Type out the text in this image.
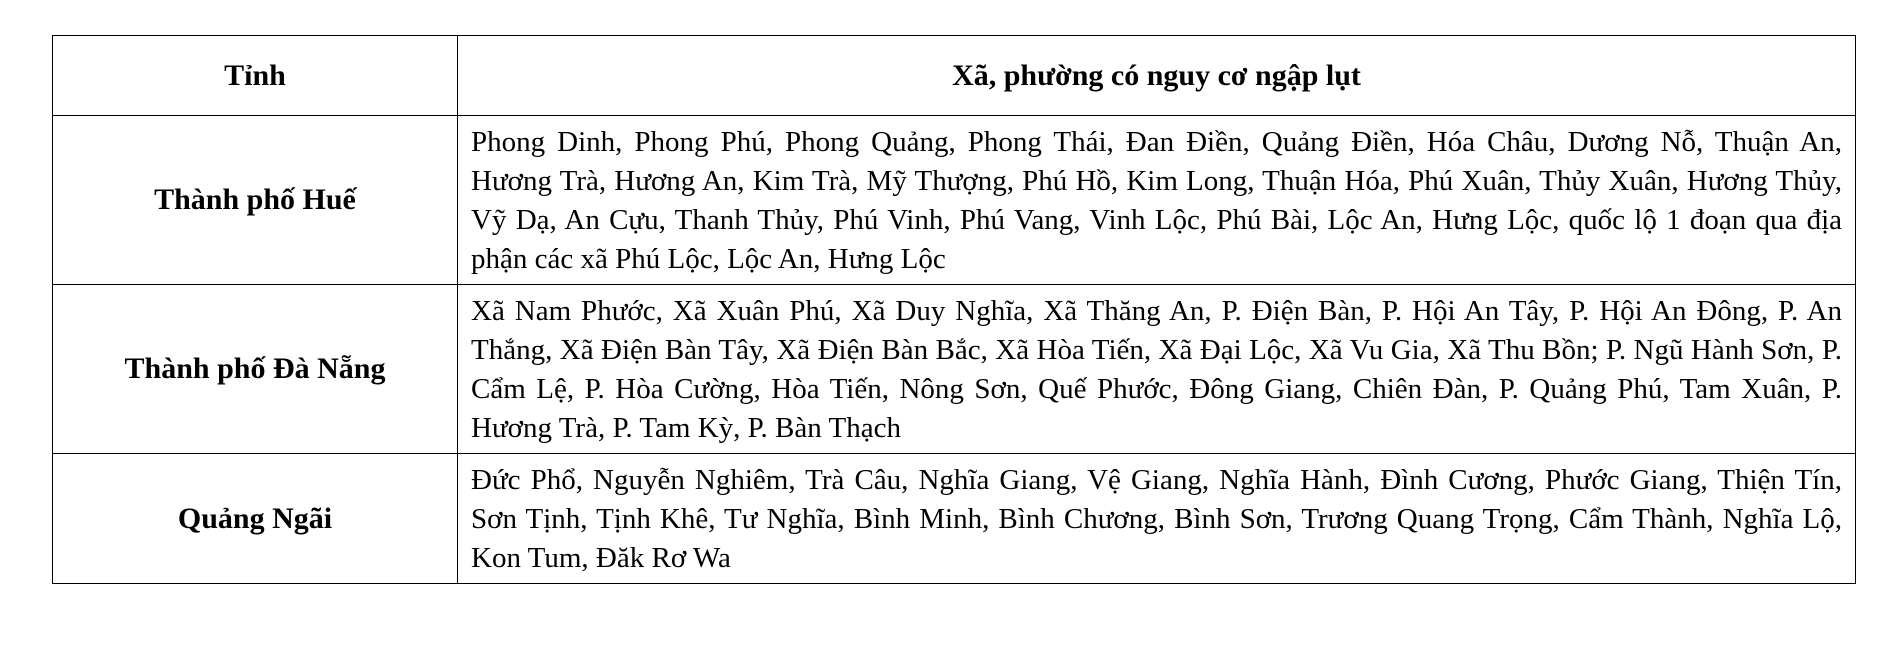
Tỉnh	Xã, phường có nguy cơ ngập lụt
Thành phố Huế	Phong Dinh, Phong Phú, Phong Quảng, Phong Thái, Đan Điền, Quảng Điền, Hóa Châu, Dương Nỗ, Thuận An, Hương Trà, Hương An, Kim Trà, Mỹ Thượng, Phú Hồ, Kim Long, Thuận Hóa, Phú Xuân, Thủy Xuân, Hương Thủy, Vỹ Dạ, An Cựu, Thanh Thủy, Phú Vinh, Phú Vang, Vinh Lộc, Phú Bài, Lộc An, Hưng Lộc, quốc lộ 1 đoạn qua địa phận các xã Phú Lộc, Lộc An, Hưng Lộc
Thành phố Đà Nẵng	Xã Nam Phước, Xã Xuân Phú, Xã Duy Nghĩa, Xã Thăng An, P. Điện Bàn, P. Hội An Tây, P. Hội An Đông, P. An Thắng, Xã Điện Bàn Tây, Xã Điện Bàn Bắc, Xã Hòa Tiến, Xã Đại Lộc, Xã Vu Gia, Xã Thu Bồn; P. Ngũ Hành Sơn, P. Cẩm Lệ, P. Hòa Cường, Hòa Tiến, Nông Sơn, Quế Phước, Đông Giang, Chiên Đàn, P. Quảng Phú, Tam Xuân, P. Hương Trà, P. Tam Kỳ, P. Bàn Thạch
Quảng Ngãi	Đức Phổ, Nguyễn Nghiêm, Trà Câu, Nghĩa Giang, Vệ Giang, Nghĩa Hành, Đình Cương, Phước Giang, Thiện Tín, Sơn Tịnh, Tịnh Khê, Tư Nghĩa, Bình Minh, Bình Chương, Bình Sơn, Trương Quang Trọng, Cẩm Thành, Nghĩa Lộ, Kon Tum, Đăk Rơ Wa
